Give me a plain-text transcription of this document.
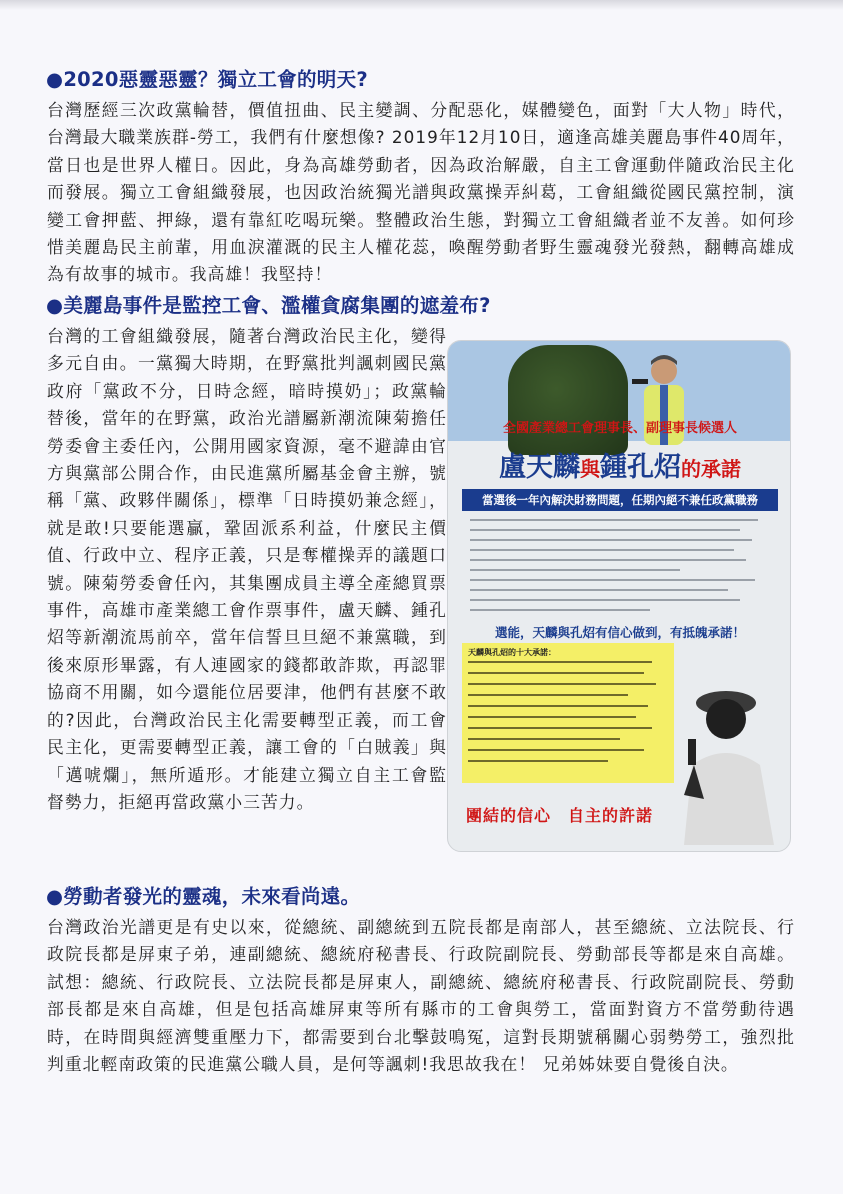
●2020惡靈惡靈？獨立工會的明天?

台灣歷經三次政黨輪替，價值扭曲、民主變調、分配惡化，媒體變色，面對「大人物」時代，台灣最大職業族群-勞工，我們有什麼想像? 2019年12月10日，適逢高雄美麗島事件40周年，當日也是世界人權日。因此，身為高雄勞動者，因為政治解嚴，自主工會運動伴隨政治民主化而發展。獨立工會組織發展，也因政治統獨光譜與政黨操弄糾葛，工會組織從國民黨控制，演變工會押藍、押綠，還有靠紅吃喝玩樂。整體政治生態，對獨立工會組織者並不友善。如何珍惜美麗島民主前輩，用血淚灌溉的民主人權花蕊，喚醒勞動者野生靈魂發光發熱，翻轉高雄成為有故事的城市。我高雄！我堅持！

●美麗島事件是監控工會、濫權貪腐集團的遮羞布?

台灣的工會組織發展，隨著台灣政治民主化，變得多元自由。一黨獨大時期，在野黨批判諷刺國民黨政府「黨政不分，日時念經，暗時摸奶」；政黨輪替後，當年的在野黨，政治光譜屬新潮流陳菊擔任勞委會主委任內，公開用國家資源，毫不避諱由官方與黨部公開合作，由民進黨所屬基金會主辦，號稱「黨、政夥伴關係」，標準「日時摸奶兼念經」，就是敢!只要能選贏，鞏固派系利益，什麼民主價值、行政中立、程序正義，只是奪權操弄的議題口號。陳菊勞委會任內，其集團成員主導全產總買票事件，高雄市產業總工會作票事件，盧天麟、鍾孔炤等新潮流馬前卒，當年信誓旦旦絕不兼黨職，到後來原形畢露，有人連國家的錢都敢詐欺，再認罪協商不用關，如今還能位居要津，他們有甚麼不敢的?因此，台灣政治民主化需要轉型正義，而工會民主化，更需要轉型正義，讓工會的「白賊義」與「邁唬爛」，無所遁形。才能建立獨立自主工會監督勢力，拒絕再當政黨小三苦力。

全國產業總工會理事長、副理事長候選人
盧天麟與鍾孔炤的承諾
當選後一年內解決財務問題，任期內絕不兼任政黨職務
選能，天麟與孔炤有信心做到，有抵魄承諾！
天麟與孔炤的十大承諾：
團結的信心　自主的許諾
●勞動者發光的靈魂，未來看尚遠。

台灣政治光譜更是有史以來，從總統、副總統到五院長都是南部人，甚至總統、立法院長、行政院長都是屏東子弟，連副總統、總統府秘書長、行政院副院長、勞動部長等都是來自高雄。試想：總統、行政院長、立法院長都是屏東人，副總統、總統府秘書長、行政院副院長、勞動部長都是來自高雄，但是包括高雄屏東等所有縣市的工會與勞工，當面對資方不當勞動待遇時，在時間與經濟雙重壓力下，都需要到台北擊鼓鳴冤，這對長期號稱關心弱勢勞工，強烈批判重北輕南政策的民進黨公職人員，是何等諷刺!我思故我在！ 兄弟姊妹要自覺後自決。
